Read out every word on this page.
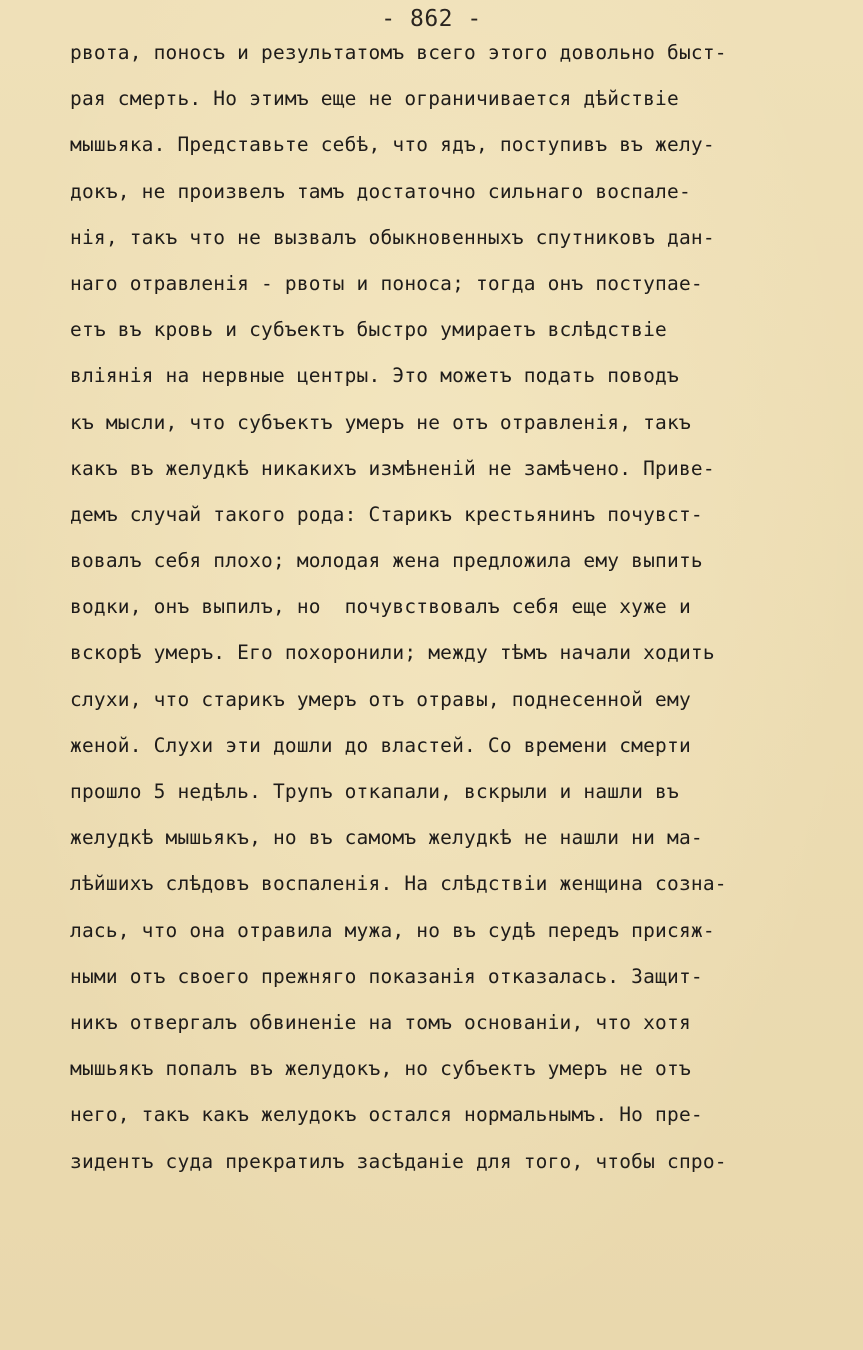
- 862 -
рвота, поносъ и результатомъ всего этого довольно быст-
рая смерть. Но этимъ еще не ограничивается дѣйствіе
мышьяка. Представьте себѣ, что ядъ, поступивъ въ желу-
докъ, не произвелъ тамъ достаточно сильнаго воспале-
нія, такъ что не вызвалъ обыкновенныхъ спутниковъ дан-
наго отравленія - рвоты и поноса; тогда онъ поступае-
етъ въ кровь и субъектъ быстро умираетъ вслѣдствіе
вліянія на нервные центры. Это можетъ подать поводъ
къ мысли, что субъектъ умеръ не отъ отравленія, такъ
какъ въ желудкѣ никакихъ измѣненій не замѣчено. Приве-
демъ случай такого рода: Старикъ крестьянинъ почувст-
вовалъ себя плохо; молодая жена предложила ему выпить
водки, онъ выпилъ, но  почувствовалъ себя еще хуже и
вскорѣ умеръ. Его похоронили; между тѣмъ начали ходить
слухи, что старикъ умеръ отъ отравы, поднесенной ему
женой. Слухи эти дошли до властей. Со времени смерти
прошло 5 недѣль. Трупъ откапали, вскрыли и нашли въ
желудкѣ мышьякъ, но въ самомъ желудкѣ не нашли ни ма-
лѣйшихъ слѣдовъ воспаленія. На слѣдствіи женщина созна-
лась, что она отравила мужа, но въ судѣ передъ присяж-
ными отъ своего прежняго показанія отказалась. Защит-
никъ отвергалъ обвиненіе на томъ основаніи, что хотя
мышьякъ попалъ въ желудокъ, но субъектъ умеръ не отъ
него, такъ какъ желудокъ остался нормальнымъ. Но пре-
зидентъ суда прекратилъ засѣданіе для того, чтобы спро-
